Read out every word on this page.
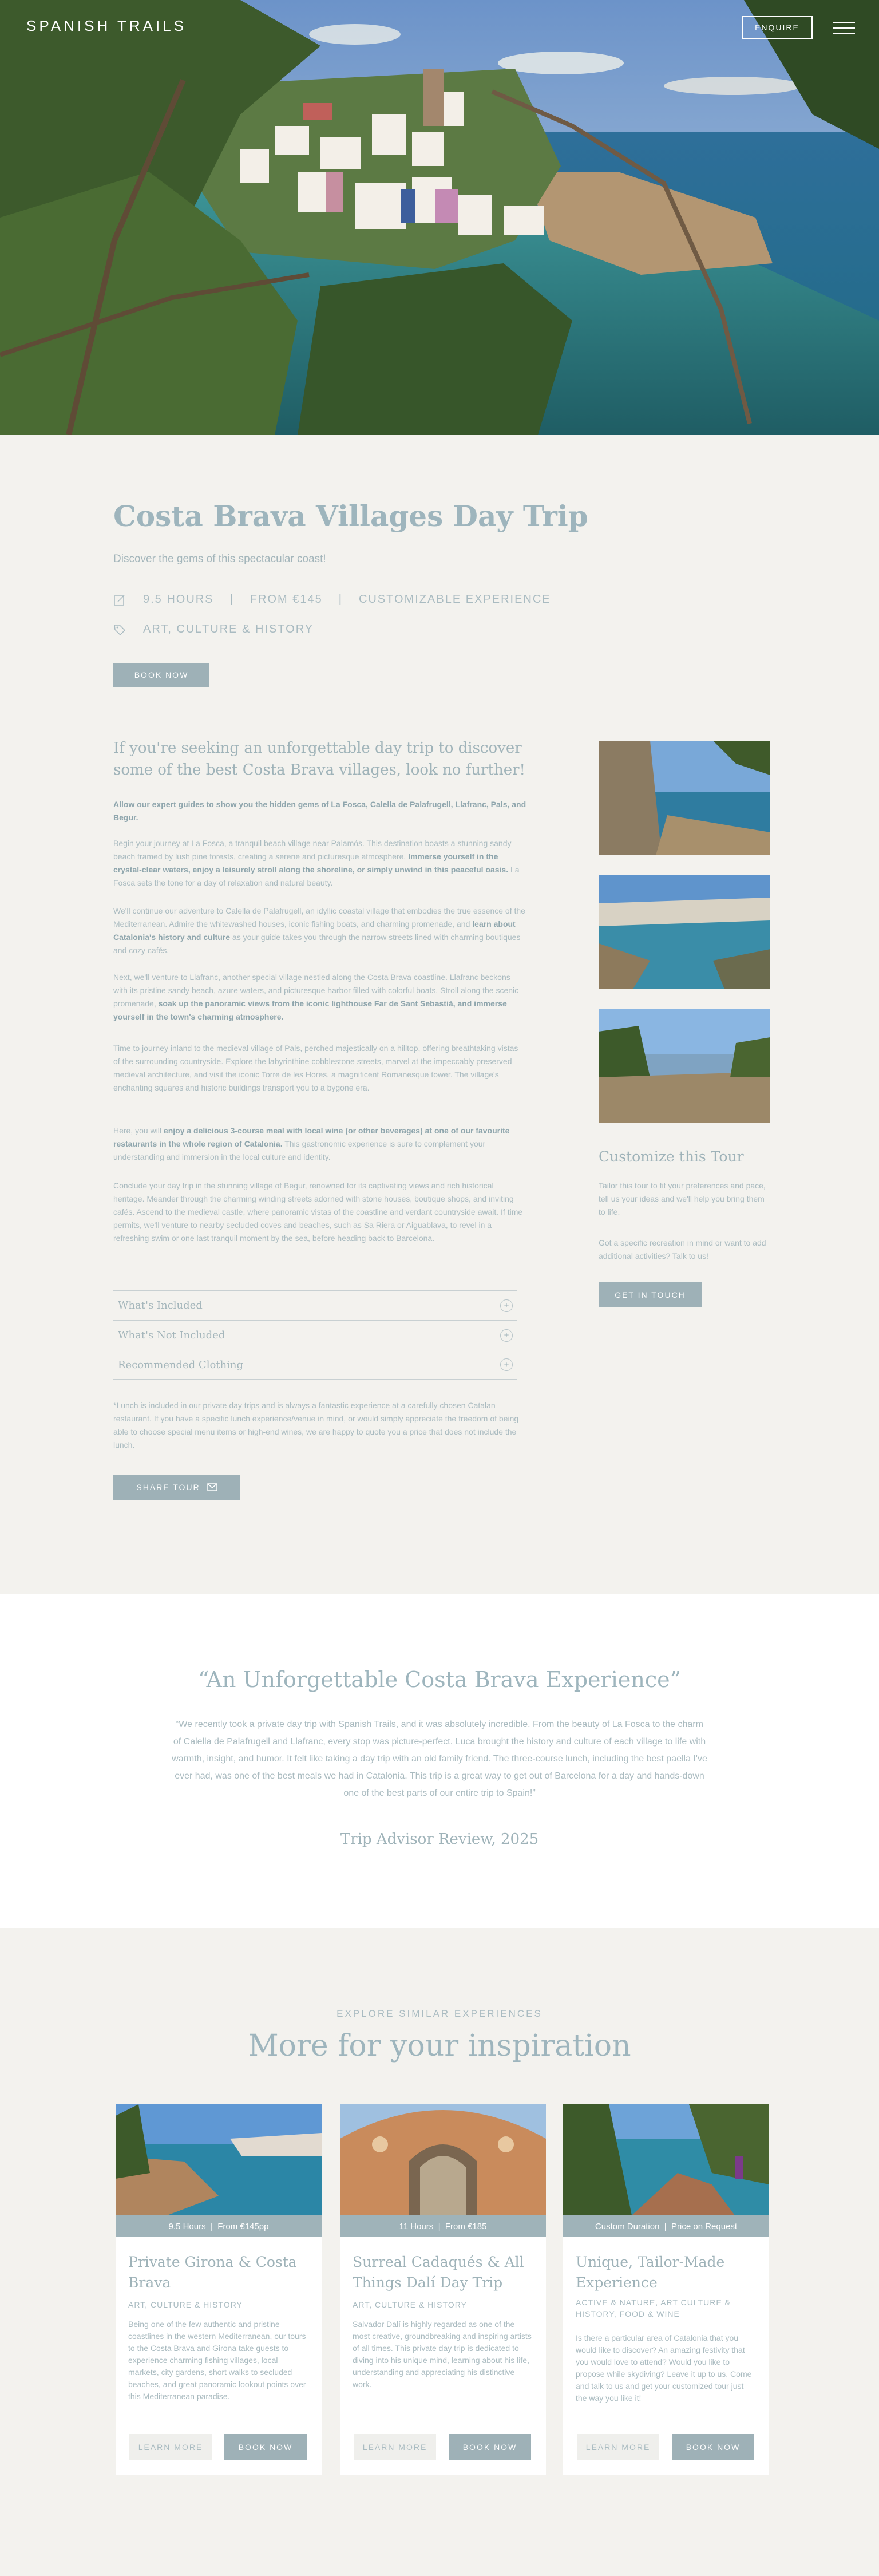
SPANISH TRAILS	ENQUIRE
Costa Brava Villages Day Trip
Discover the gems of this spectacular coast!
9.5 HOURS | FROM €145 | CUSTOMIZABLE EXPERIENCE
ART, CULTURE & HISTORY
BOOK NOW
If you're seeking an unforgettable day trip to discover some of the best Costa Brava villages, look no further!
Allow our expert guides to show you the hidden gems of La Fosca, Calella de Palafrugell, Llafranc, Pals, and Begur.
Begin your journey at La Fosca, a tranquil beach village near Palamós. This destination boasts a stunning sandy beach framed by lush pine forests, creating a serene and picturesque atmosphere. Immerse yourself in the crystal-clear waters, enjoy a leisurely stroll along the shoreline, or simply unwind in this peaceful oasis. La Fosca sets the tone for a day of relaxation and natural beauty.
We'll continue our adventure to Calella de Palafrugell, an idyllic coastal village that embodies the true essence of the Mediterranean. Admire the whitewashed houses, iconic fishing boats, and charming promenade, and learn about Catalonia's history and culture as your guide takes you through the narrow streets lined with charming boutiques and cozy cafés.
Next, we'll venture to Llafranc, another special village nestled along the Costa Brava coastline. Llafranc beckons with its pristine sandy beach, azure waters, and picturesque harbor filled with colorful boats. Stroll along the scenic promenade, soak up the panoramic views from the iconic lighthouse Far de Sant Sebastià, and immerse yourself in the town's charming atmosphere.
Time to journey inland to the medieval village of Pals, perched majestically on a hilltop, offering breathtaking vistas of the surrounding countryside. Explore the labyrinthine cobblestone streets, marvel at the impeccably preserved medieval architecture, and visit the iconic Torre de les Hores, a magnificent Romanesque tower. The village's enchanting squares and historic buildings transport you to a bygone era.
Here, you will enjoy a delicious 3-course meal with local wine (or other beverages) at one of our favourite restaurants in the whole region of Catalonia. This gastronomic experience is sure to complement your understanding and immersion in the local culture and identity.
Conclude your day trip in the stunning village of Begur, renowned for its captivating views and rich historical heritage. Meander through the charming winding streets adorned with stone houses, boutique shops, and inviting cafés. Ascend to the medieval castle, where panoramic vistas of the coastline and verdant countryside await. If time permits, we'll venture to nearby secluded coves and beaches, such as Sa Riera or Aiguablava, to revel in a refreshing swim or one last tranquil moment by the sea, before heading back to Barcelona.
Customize this Tour
Tailor this tour to fit your preferences and pace, tell us your ideas and we'll help you bring them to life.
Got a specific recreation in mind or want to add additional activities? Talk to us!
GET IN TOUCH
What's Included	+
What's Not Included	+
Recommended Clothing	+
*Lunch is included in our private day trips and is always a fantastic experience at a carefully chosen Catalan restaurant. If you have a specific lunch experience/venue in mind, or would simply appreciate the freedom of being able to choose special menu items or high-end wines, we are happy to quote you a price that does not include the lunch.
SHARE TOUR
“An Unforgettable Costa Brava Experience”
“We recently took a private day trip with Spanish Trails, and it was absolutely incredible. From the beauty of La Fosca to the charm of Calella de Palafrugell and Llafranc, every stop was picture-perfect. Luca brought the history and culture of each village to life with warmth, insight, and humor. It felt like taking a day trip with an old family friend. The three-course lunch, including the best paella I've ever had, was one of the best meals we had in Catalonia. This trip is a great way to get out of Barcelona for a day and hands-down one of the best parts of our entire trip to Spain!”
Trip Advisor Review, 2025
EXPLORE SIMILAR EXPERIENCES
More for your inspiration
9.5 Hours | From €145pp
Private Girona & Costa Brava
ART, CULTURE & HISTORY
Being one of the few authentic and pristine coastlines in the western Mediterranean, our tours to the Costa Brava and Girona take guests to experience charming fishing villages, local markets, city gardens, short walks to secluded beaches, and great panoramic lookout points over this Mediterranean paradise.
LEARN MORE	BOOK NOW
11 Hours | From €185
Surreal Cadaqués & All Things Dalí Day Trip
ART, CULTURE & HISTORY
Salvador Dalí is highly regarded as one of the most creative, groundbreaking and inspiring artists of all times. This private day trip is dedicated to diving into his unique mind, learning about his life, understanding and appreciating his distinctive work.
LEARN MORE	BOOK NOW
Custom Duration | Price on Request
Unique, Tailor-Made Experience
ACTIVE & NATURE, ART CULTURE & HISTORY, FOOD & WINE
Is there a particular area of Catalonia that you would like to discover? An amazing festivity that you would love to attend? Would you like to propose while skydiving? Leave it up to us. Come and talk to us and get your customized tour just the way you like it!
LEARN MORE	BOOK NOW
